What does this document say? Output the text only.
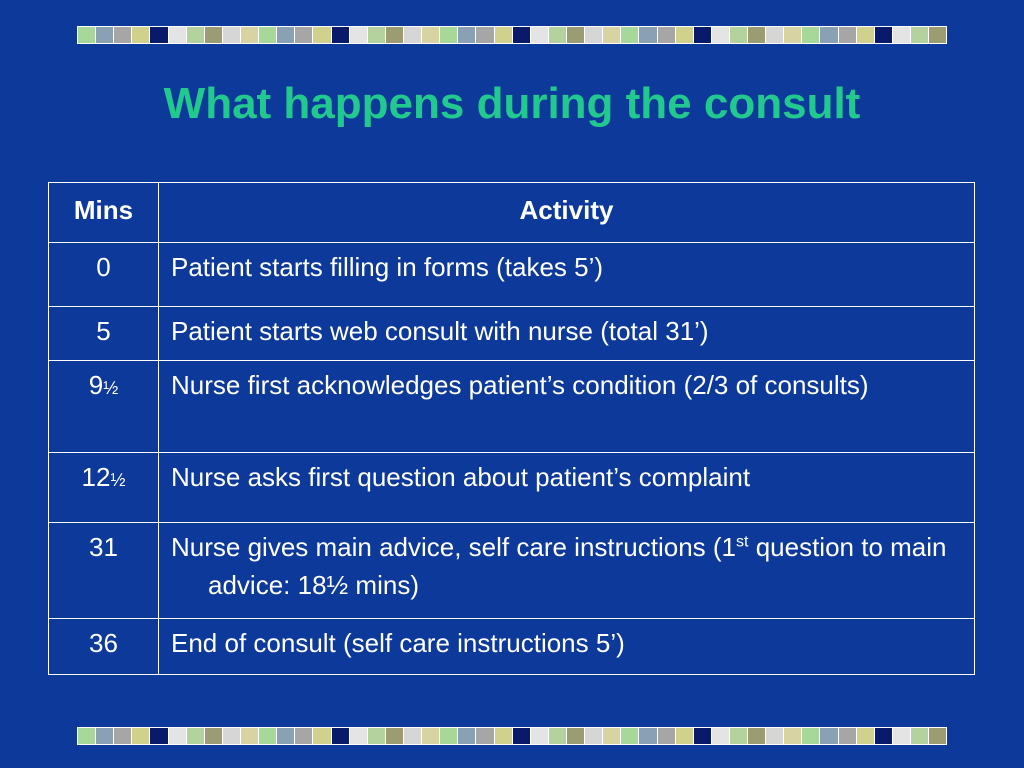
What happens during the consult
Mins	Activity
0	Patient starts filling in forms (takes 5’)
5	Patient starts web consult with nurse (total 31’)
9½	Nurse first acknowledges patient’s condition (2/3 of consults)
12½	Nurse asks first question about patient’s complaint
31	Nurse gives main advice, self care instructions (1st question to main advice: 18½ mins)
36	End of consult (self care instructions 5’)
